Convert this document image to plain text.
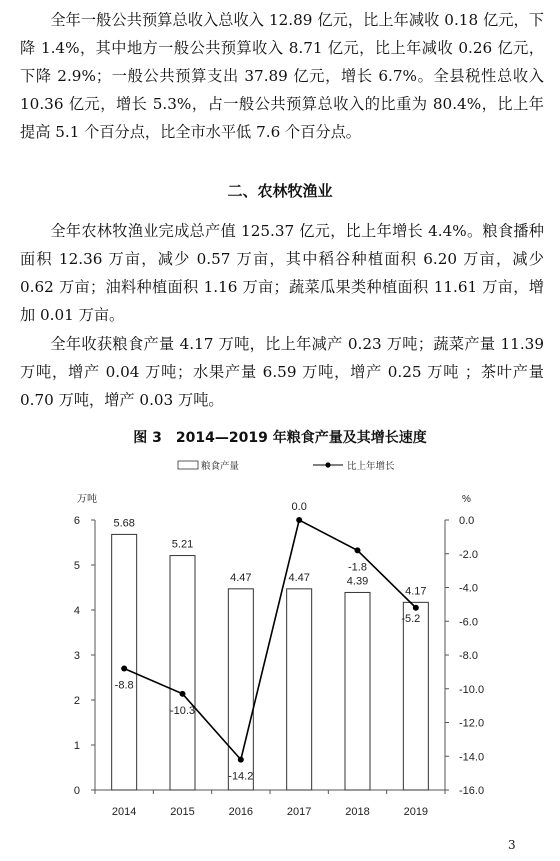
全年一般公共预算总收入总收入 12.89 亿元，比上年减收 0.18 亿元，下降 1.4%，其中地方一般公共预算收入 8.71 亿元，比上年减收 0.26 亿元，下降 2.9%；一般公共预算支出 37.89 亿元，增长 6.7%。全县税性总收入 10.36 亿元，增长 5.3%，占一般公共预算总收入的比重为 80.4%，比上年提高 5.1 个百分点，比全市水平低 7.6 个百分点。

二、农林牧渔业

全年农林牧渔业完成总产值 125.37 亿元，比上年增长 4.4%。粮食播种面积 12.36 万亩，减少 0.57 万亩，其中稻谷种植面积 6.20 万亩，减少 0.62 万亩；油料种植面积 1.16 万亩；蔬菜瓜果类种植面积 11.61 万亩，增加 0.01 万亩。

全年收获粮食产量 4.17 万吨，比上年减产 0.23 万吨；蔬菜产量 11.39 万吨，增产 0.04 万吨；水果产量 6.59 万吨，增产 0.25 万吨 ；茶叶产量 0.70 万吨，增产 0.03 万吨。

图 3　2014—2019 年粮食产量及其增长速度

粮食产量	比上年增长
万吨	%
0
1
2
3
4
5
6	0.0
-2.0
-4.0
-6.0
-8.0
-10.0
-12.0
-14.0
-16.0
2014	2015	2016	2017	2018	2019
5.68
5.21
4.47	4.47	4.39
4.17
-8.8
-10.3
-14.2
0.0
-1.8
-5.2

3
